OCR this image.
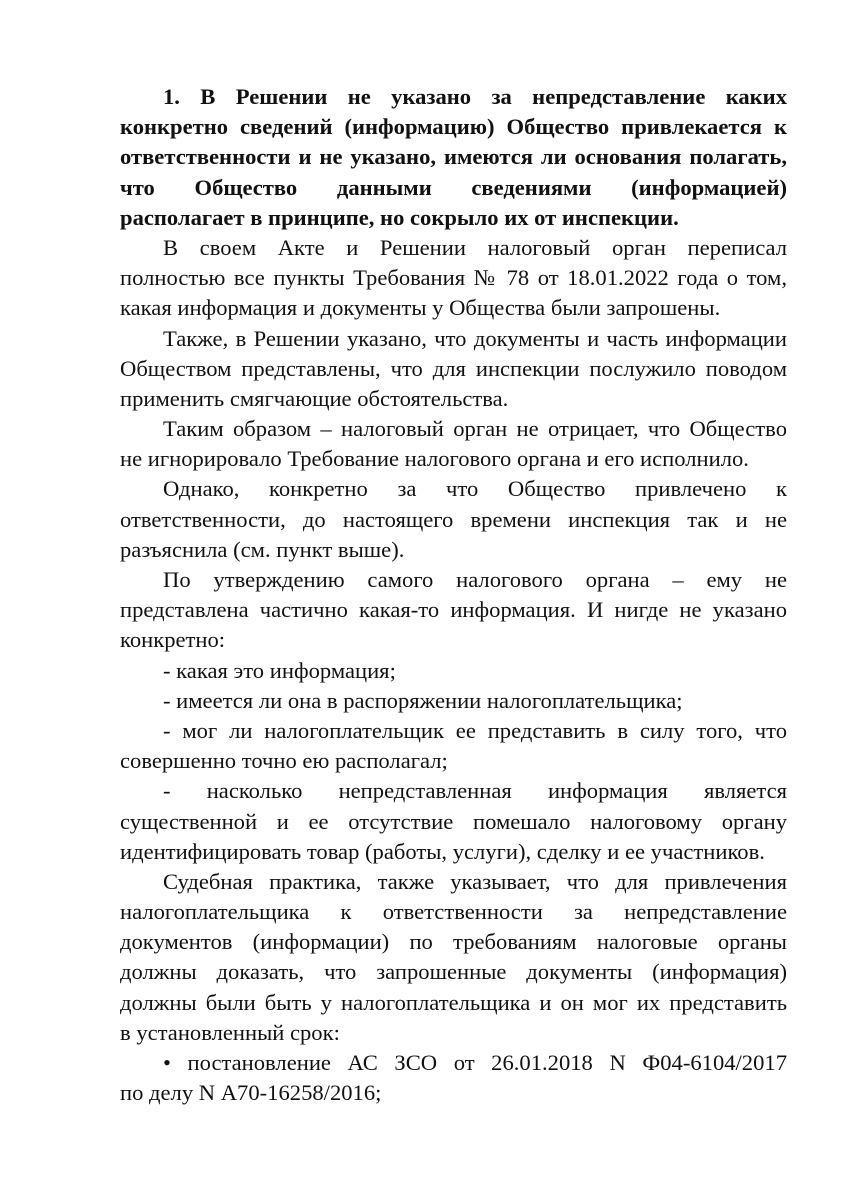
1. В Решении не указано за непредставление каких
конкретно сведений (информацию) Общество привлекается к
ответственности и не указано, имеются ли основания полагать,
что Общество данными сведениями (информацией)
располагает в принципе, но сокрыло их от инспекции.
В своем Акте и Решении налоговый орган переписал
полностью все пункты Требования № 78 от 18.01.2022 года о том,
какая информация и документы у Общества были запрошены.
Также, в Решении указано, что документы и часть информации
Обществом представлены, что для инспекции послужило поводом
применить смягчающие обстоятельства.
Таким образом – налоговый орган не отрицает, что Общество
не игнорировало Требование налогового органа и его исполнило.
Однако, конкретно за что Общество привлечено к
ответственности, до настоящего времени инспекция так и не
разъяснила (см. пункт выше).
По утверждению самого налогового органа – ему не
представлена частично какая-то информация. И нигде не указано
конкретно:
- какая это информация;
- имеется ли она в распоряжении налогоплательщика;
- мог ли налогоплательщик ее представить в силу того, что
совершенно точно ею располагал;
- насколько непредставленная информация является
существенной и ее отсутствие помешало налоговому органу
идентифицировать товар (работы, услуги), сделку и ее участников.
Судебная практика, также указывает, что для привлечения
налогоплательщика к ответственности за непредставление
документов (информации) по требованиям налоговые органы
должны доказать, что запрошенные документы (информация)
должны были быть у налогоплательщика и он мог их представить
в установленный срок:
• постановление АС ЗСО от 26.01.2018 N Ф04-6104/2017
по делу N А70-16258/2016;
